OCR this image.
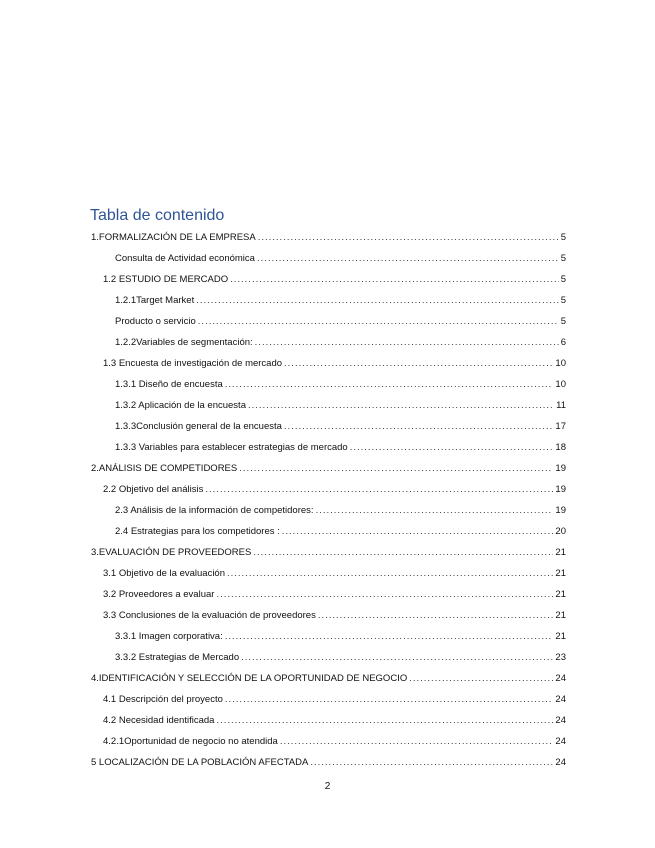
Tabla de contenido
1.FORMALIZACIÓN DE LA EMPRESA .....	5
Consulta de Actividad económica .....	5
1.2 ESTUDIO DE MERCADO .....	5
1.2.1Target Market .....	5
Producto o servicio .....	5
1.2.2Variables de segmentación: .....	6
1.3 Encuesta de investigación de mercado .....	10
1.3.1 Diseño de encuesta .....	10
1.3.2 Aplicación de la encuesta .....	11
1.3.3Conclusión general de la encuesta .....	17
1.3.3 Variables para establecer estrategias de mercado .....	18
2.ANÁLISIS DE COMPETIDORES .....	19
2.2 Objetivo del análisis .....	19
2.3 Análisis de la información de competidores: .....	19
2.4 Estrategias para los competidores : .....	20
3.EVALUACIÓN DE PROVEEDORES .....	21
3.1 Objetivo de la evaluación .....	21
3.2 Proveedores a evaluar .....	21
3.3 Conclusiones de la evaluación de proveedores .....	21
3.3.1 Imagen corporativa: .....	21
3.3.2 Estrategias de Mercado .....	23
4.IDENTIFICACIÓN Y SELECCIÓN DE LA OPORTUNIDAD DE NEGOCIO .....	24
4.1 Descripción del proyecto .....	24
4.2 Necesidad identificada .....	24
4.2.1Oportunidad de negocio no atendida .....	24
5 LOCALIZACIÓN DE LA POBLACIÓN AFECTADA .....	24
2
